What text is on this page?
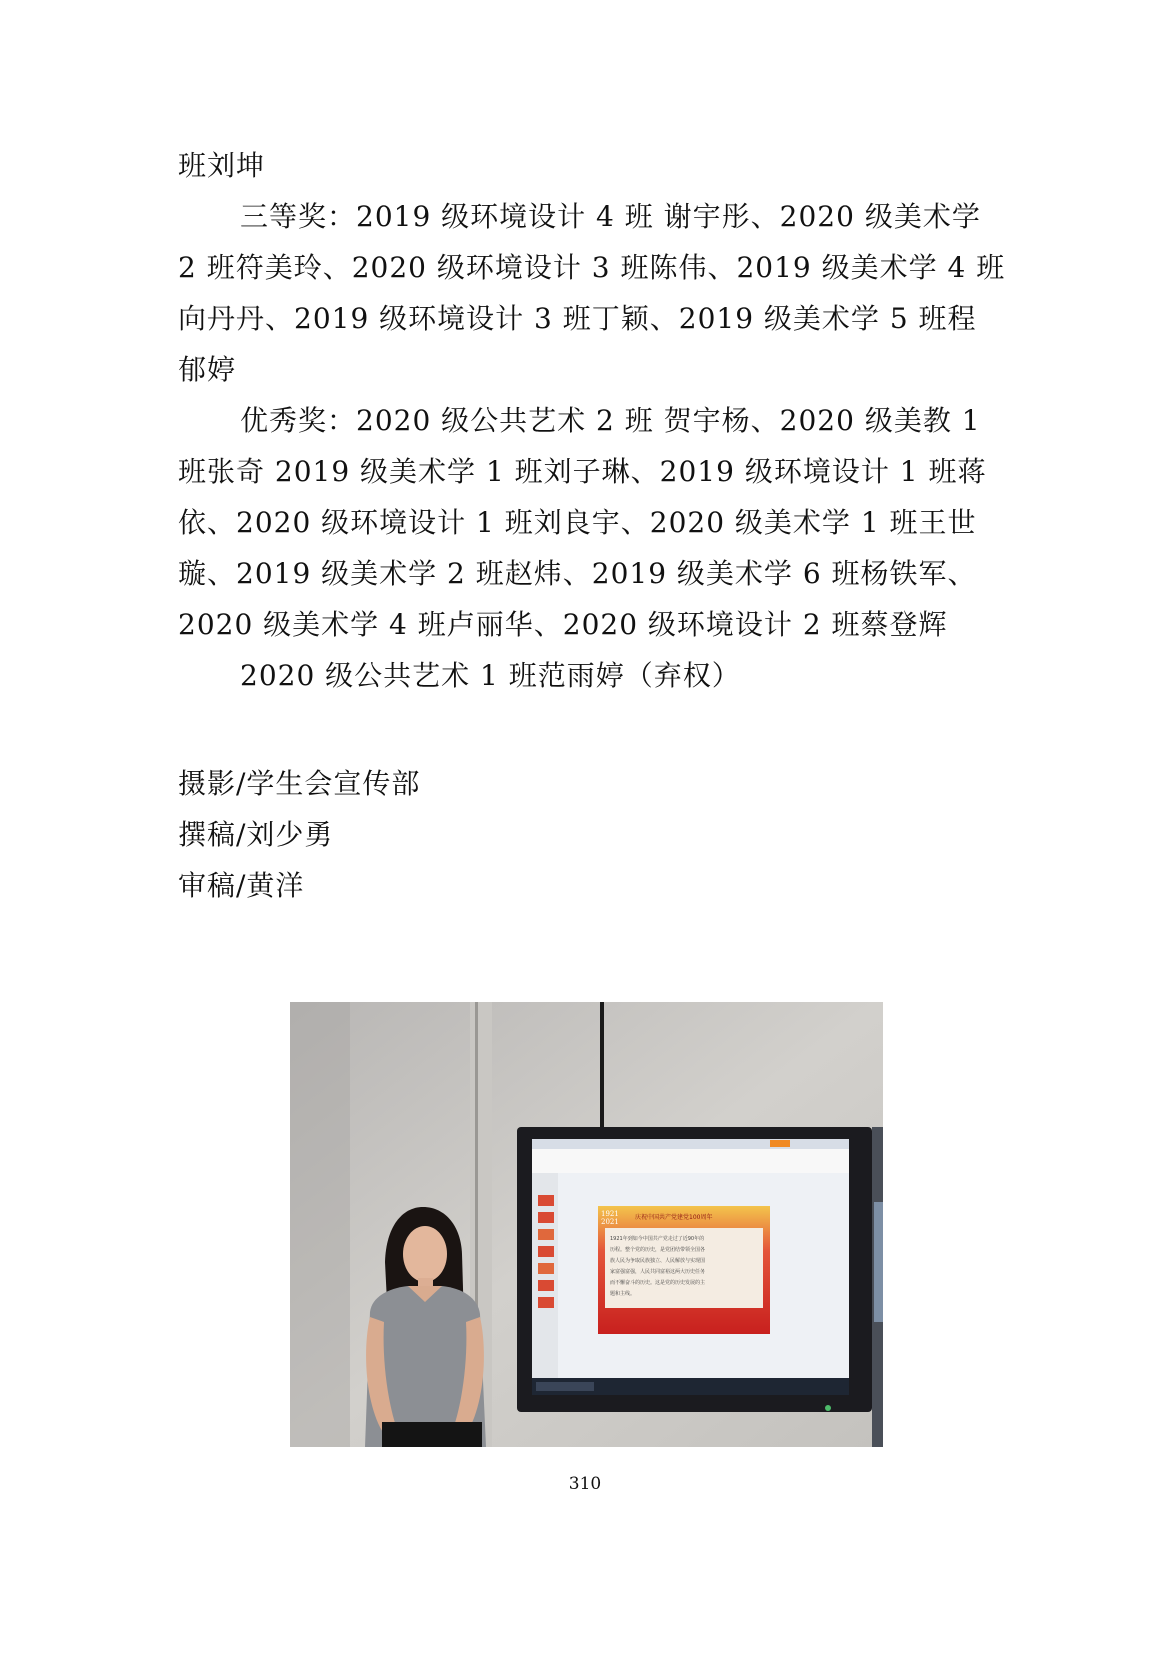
班刘坤
三等奖：2019 级环境设计 4 班 谢宇彤、2020 级美术学
2 班符美玲、2020 级环境设计 3 班陈伟、2019 级美术学 4 班
向丹丹、2019 级环境设计 3 班丁颖、2019 级美术学 5 班程
郁婷
优秀奖：2020 级公共艺术 2 班 贺宇杨、2020 级美教 1
班张奇 2019 级美术学 1 班刘子琳、2019 级环境设计 1 班蒋
依、2020 级环境设计 1 班刘良宇、2020 级美术学 1 班王世
璇、2019 级美术学 2 班赵炜、2019 级美术学 6 班杨铁军、
2020 级美术学 4 班卢丽华、2020 级环境设计 2 班蔡登辉
2020 级公共艺术 1 班范雨婷（弃权）
摄影/学生会宣传部
撰稿/刘少勇
审稿/黄洋
1921
2021
庆祝中国共产党建党100周年
1921年到如今中国共产党走过了近90年的
历程。整个党的历史，是党团结带领全国各
族人民为争取民族独立、人民解放与实现国
家富强富强，人民共同富裕这两大历史任务
而不懈奋斗的历史。这是党的历史发展的主
题和主线。
310
